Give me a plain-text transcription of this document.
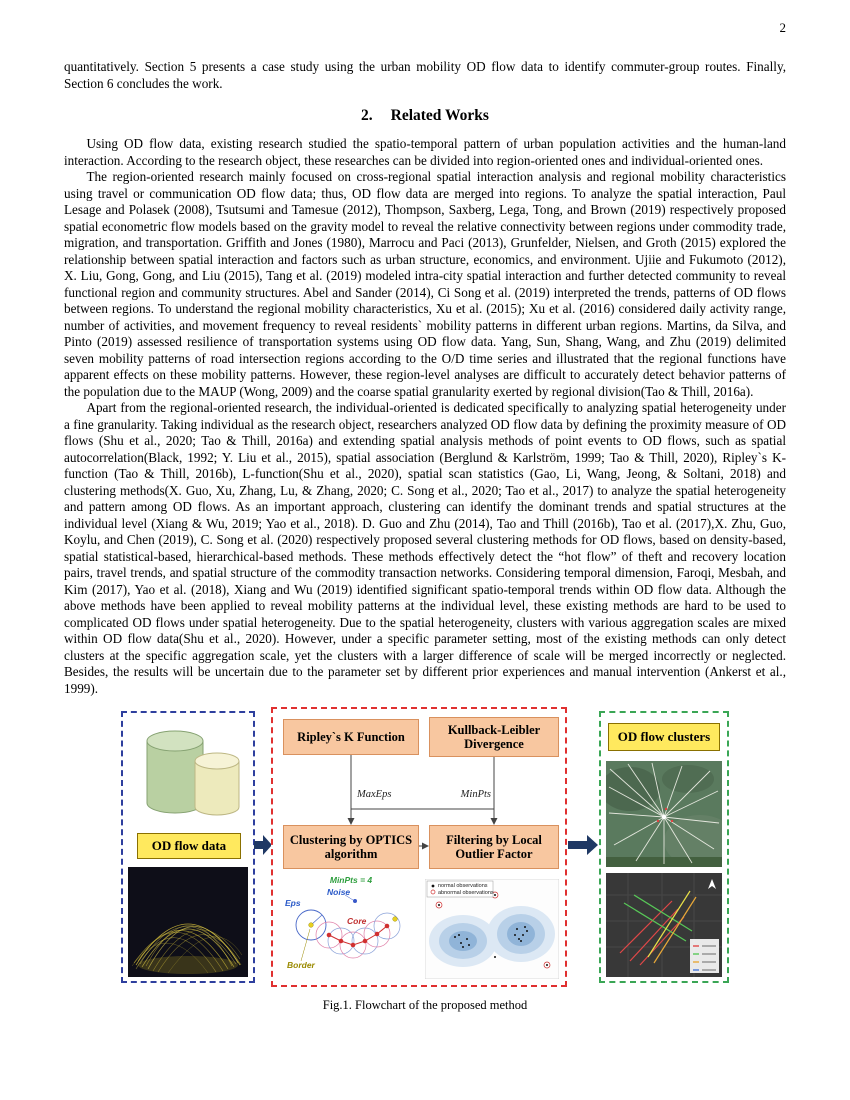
2

quantitatively. Section 5 presents a case study using the urban mobility OD flow data to identify commuter-group routes. Finally, Section 6 concludes the work.

2. Related Works

Using OD flow data, existing research studied the spatio-temporal pattern of urban population activities and the human-land interaction. According to the research object, these researches can be divided into region-oriented ones and individual-oriented ones.

The region-oriented research mainly focused on cross-regional spatial interaction analysis and regional mobility characteristics using travel or communication OD flow data; thus, OD flow data are merged into regions. To analyze the spatial interaction, Paul Lesage and Polasek (2008), Tsutsumi and Tamesue (2012), Thompson, Saxberg, Lega, Tong, and Brown (2019) respectively proposed spatial econometric flow models based on the gravity model to reveal the relative connectivity between regions under commodity trade, migration, and transportation. Griffith and Jones (1980), Marrocu and Paci (2013), Grunfelder, Nielsen, and Groth (2015) explored the relationship between spatial interaction and factors such as urban structure, economics, and environment. Ujiie and Fukumoto (2012), X. Liu, Gong, Gong, and Liu (2015), Tang et al. (2019) modeled intra-city spatial interaction and further detected community to reveal functional region and community structures. Abel and Sander (2014), Ci Song et al. (2019) interpreted the trends, patterns of OD flows between regions. To understand the regional mobility characteristics, Xu et al. (2015); Xu et al. (2016) considered daily activity range, number of activities, and movement frequency to reveal residents` mobility patterns in different urban regions. Martins, da Silva, and Pinto (2019) assessed resilience of transportation systems using OD flow data. Yang, Sun, Shang, Wang, and Zhu (2019) delimited seven mobility patterns of road intersection regions according to the O/D time series and illustrated that the regional functions have apparent effects on these mobility patterns. However, these region-level analyses are difficult to accurately detect behavior patterns of the population due to the MAUP (Wong, 2009) and the coarse spatial granularity exerted by regional division(Tao & Thill, 2016a).

Apart from the regional-oriented research, the individual-oriented is dedicated specifically to analyzing spatial heterogeneity under a fine granularity. Taking individual as the research object, researchers analyzed OD flow data by defining the proximity measure of OD flows (Shu et al., 2020; Tao & Thill, 2016a) and extending spatial analysis methods of point events to OD flows, such as spatial autocorrelation(Black, 1992; Y. Liu et al., 2015), spatial association (Berglund & Karlström, 1999; Tao & Thill, 2020), Ripley`s K-function (Tao & Thill, 2016b), L-function(Shu et al., 2020), spatial scan statistics (Gao, Li, Wang, Jeong, & Soltani, 2018) and clustering methods(X. Guo, Xu, Zhang, Lu, & Zhang, 2020; C. Song et al., 2020; Tao et al., 2017) to analyze the spatial heterogeneity and pattern among OD flows. As an important approach, clustering can identify the dominant trends and spatial structures at the individual level (Xiang & Wu, 2019; Yao et al., 2018). D. Guo and Zhu (2014), Tao and Thill (2016b), Tao et al. (2017),X. Zhu, Guo, Koylu, and Chen (2019), C. Song et al. (2020) respectively proposed several clustering methods for OD flows, based on density-based, spatial statistical-based, hierarchical-based methods. These methods effectively detect the “hot flow” of theft and recovery location pairs, travel trends, and spatial structure of the commodity transaction networks. Considering temporal dimension, Faroqi, Mesbah, and Kim (2017), Yao et al. (2018), Xiang and Wu (2019) identified significant spatio-temporal trends within OD flow data. Although the above methods have been applied to reveal mobility patterns at the individual level, these existing methods are hard to be used to complicated OD flows under spatial heterogeneity. Due to the spatial heterogeneity, clusters with various aggregation scales are mixed within OD flow data(Shu et al., 2020). However, under a specific parameter setting, most of the existing methods can only detect clusters at the specific aggregation scale, yet the clusters with a larger difference of scale will be merged incorrectly or neglected. Besides, the results will be uncertain due to the parameter set by different prior experiences and manual intervention (Ankerst et al., 1999).

OD flow data
Ripley`s K Function
Kullback-Leibler Divergence
MaxEps	MinPts
Clustering by OPTICS algorithm
Filtering by Local Outlier Factor
MinPts = 4
Eps
Noise
Core
Border
normal observations
abnormal observations
OD flow clusters
Fig.1. Flowchart of the proposed method
